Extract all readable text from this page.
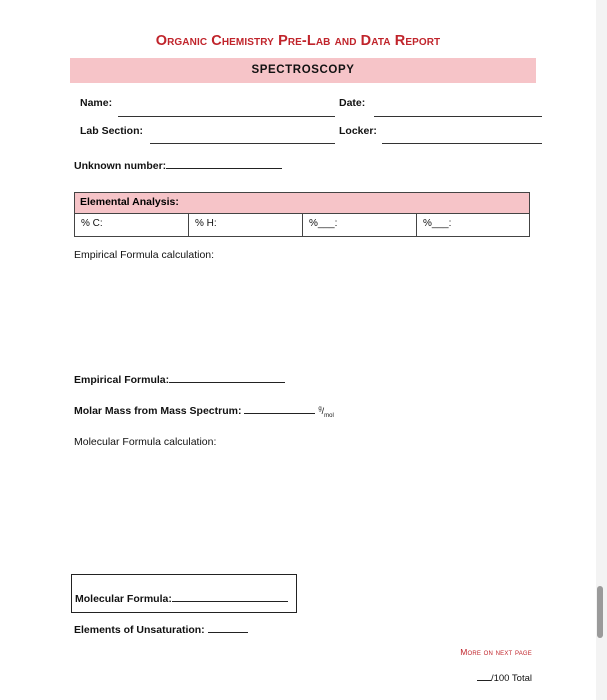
Organic Chemistry Pre-Lab and Data Report
SPECTROSCOPY
Name:	Date:
Lab Section:	Locker:
Unknown number:
Elemental Analysis:
% C:	% H:	%___:	%___:
Empirical Formula calculation:
Empirical Formula:
Molar Mass from Mass Spectrum:	$^g/_{mol}$
Molecular Formula calculation:
Molecular Formula:
Elements of Unsaturation:
More on next page
/100 Total
